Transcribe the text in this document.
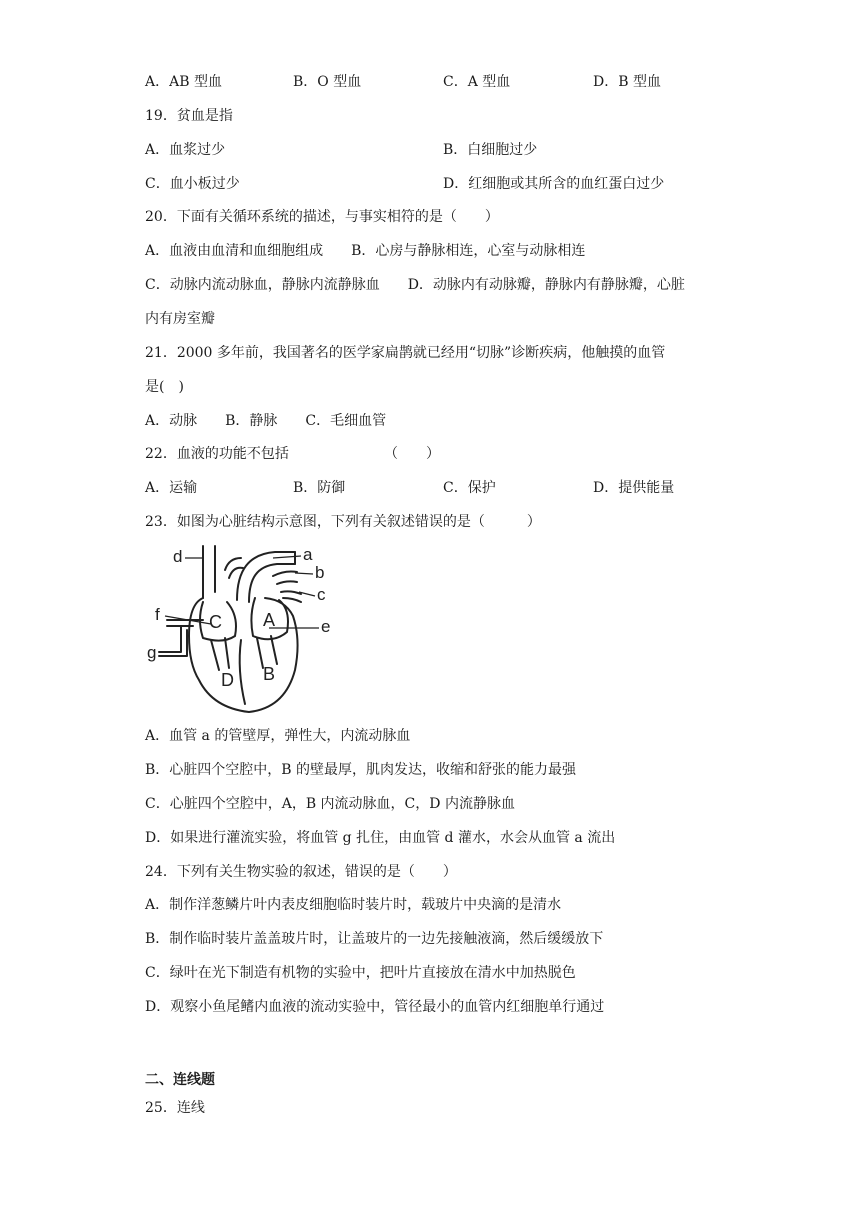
A．AB 型血	B．O 型血	C．A 型血	D．B 型血
19．贫血是指
A．血浆过少	B．白细胞过少
C．血小板过少	D．红细胞或其所含的血红蛋白过少
20．下面有关循环系统的描述，与事实相符的是（　　）
A．血液由血清和血细胞组成　　B．心房与静脉相连，心室与动脉相连
C．动脉内流动脉血，静脉内流静脉血　　D．动脉内有动脉瓣，静脉内有静脉瓣，心脏
内有房室瓣
21．2000 多年前，我国著名的医学家扁鹊就已经用“切脉”诊断疾病，他触摸的血管
是(　)
A．动脉　　B．静脉　　C．毛细血管
22．血液的功能不包括	（　　）
A．运输	B．防御	C．保护	D．提供能量
23．如图为心脏结构示意图，下列有关叙述错误的是（　　　）
C A
D B
d	a
b
c
e
f
g
A．血管 a 的管壁厚，弹性大，内流动脉血
B．心脏四个空腔中，B 的壁最厚，肌肉发达，收缩和舒张的能力最强
C．心脏四个空腔中，A，B 内流动脉血，C，D 内流静脉血
D．如果进行灌流实验，将血管 g 扎住，由血管 d 灌水，水会从血管 a 流出
24．下列有关生物实验的叙述，错误的是（　　）
A．制作洋葱鳞片叶内表皮细胞临时装片时，载玻片中央滴的是清水
B．制作临时装片盖盖玻片时，让盖玻片的一边先接触液滴，然后缓缓放下
C．绿叶在光下制造有机物的实验中，把叶片直接放在清水中加热脱色
D．观察小鱼尾鳍内血液的流动实验中，管径最小的血管内红细胞单行通过
二、连线题
25．连线
